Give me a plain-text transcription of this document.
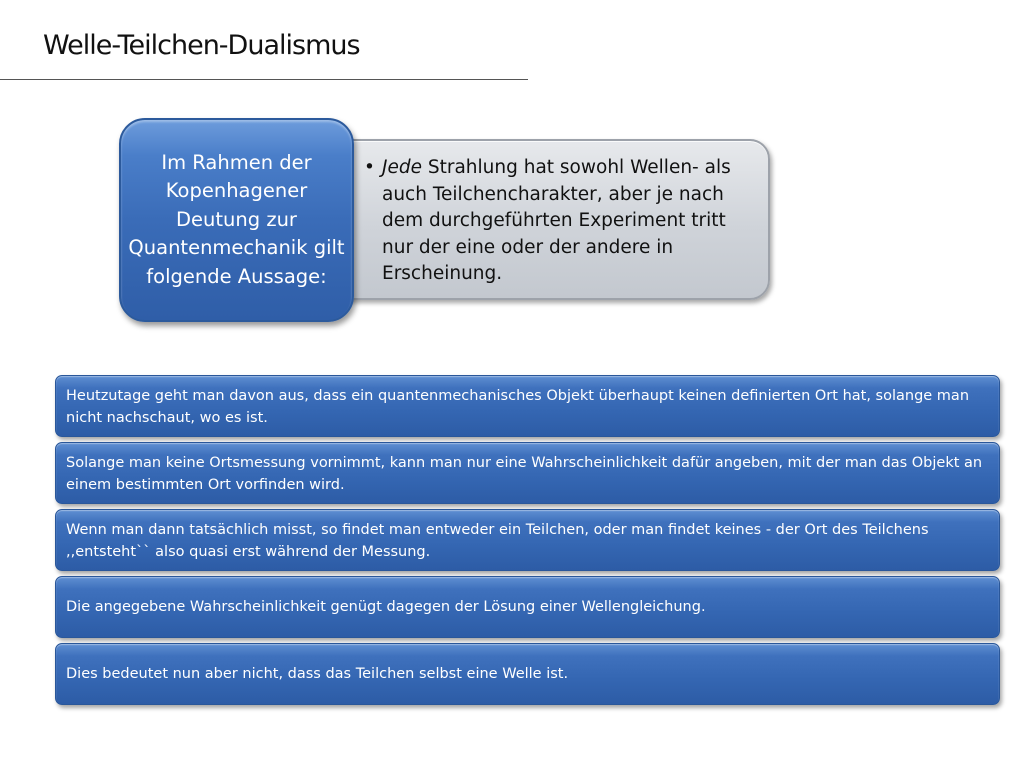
Welle-Teilchen-Dualismus
• Jede Strahlung hat sowohl Wellen- als auch Teilchencharakter, aber je nach dem durchgeführten Experiment tritt nur der eine oder der andere in Erscheinung.
Im Rahmen der Kopenhagener Deutung zur Quantenmechanik gilt folgende Aussage:
Heutzutage geht man davon aus, dass ein quantenmechanisches Objekt überhaupt keinen definierten Ort hat, solange man nicht nachschaut, wo es ist.
Solange man keine Ortsmessung vornimmt, kann man nur eine Wahrscheinlichkeit dafür angeben, mit der man das Objekt an einem bestimmten Ort vorfinden wird.
Wenn man dann tatsächlich misst, so findet man entweder ein Teilchen, oder man findet keines - der Ort des Teilchens ,,entsteht`` also quasi erst während der Messung.
Die angegebene Wahrscheinlichkeit genügt dagegen der Lösung einer Wellengleichung.
Dies bedeutet nun aber nicht, dass das Teilchen selbst eine Welle ist.
